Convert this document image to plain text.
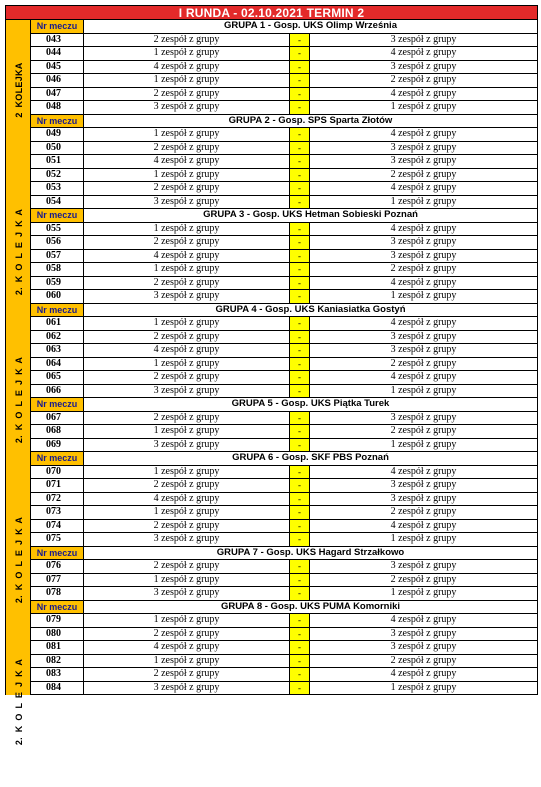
I RUNDA - 02.10.2021 TERMIN 2
2 KOLEJKA
2. K O L E J K A
2. K O L E J K A
2. K O L E J K A
2. K O L E J K A
Nr meczu	GRUPA 1 - Gosp. UKS Olimp Września
043	2 zespół z grupy	-	3 zespół z grupy
044	1 zespół z grupy	-	4 zespół z grupy
045	4 zespół z grupy	-	3 zespół z grupy
046	1 zespół z grupy	-	2 zespół z grupy
047	2 zespół z grupy	-	4 zespół z grupy
048	3 zespół z grupy	-	1 zespół z grupy
Nr meczu	GRUPA 2 - Gosp. SPS Sparta Złotów
049	1 zespół z grupy	-	4 zespół z grupy
050	2 zespół z grupy	-	3 zespół z grupy
051	4 zespół z grupy	-	3 zespół z grupy
052	1 zespół z grupy	-	2 zespół z grupy
053	2 zespół z grupy	-	4 zespół z grupy
054	3 zespół z grupy	-	1 zespół z grupy
Nr meczu	GRUPA 3 - Gosp. UKS Hetman Sobieski Poznań
055	1 zespół z grupy	-	4 zespół z grupy
056	2 zespół z grupy	-	3 zespół z grupy
057	4 zespół z grupy	-	3 zespół z grupy
058	1 zespół z grupy	-	2 zespół z grupy
059	2 zespół z grupy	-	4 zespół z grupy
060	3 zespół z grupy	-	1 zespół z grupy
Nr meczu	GRUPA 4 - Gosp. UKS Kaniasiatka Gostyń
061	1 zespół z grupy	-	4 zespół z grupy
062	2 zespół z grupy	-	3 zespół z grupy
063	4 zespół z grupy	-	3 zespół z grupy
064	1 zespół z grupy	-	2 zespół z grupy
065	2 zespół z grupy	-	4 zespół z grupy
066	3 zespół z grupy	-	1 zespół z grupy
Nr meczu	GRUPA 5 - Gosp. UKS Piątka Turek
067	2 zespół z grupy	-	3 zespół z grupy
068	1 zespół z grupy	-	2 zespół z grupy
069	3 zespół z grupy	-	1 zespół z grupy
Nr meczu	GRUPA 6 - Gosp. SKF PBS Poznań
070	1 zespół z grupy	-	4 zespół z grupy
071	2 zespół z grupy	-	3 zespół z grupy
072	4 zespół z grupy	-	3 zespół z grupy
073	1 zespół z grupy	-	2 zespół z grupy
074	2 zespół z grupy	-	4 zespół z grupy
075	3 zespół z grupy	-	1 zespół z grupy
Nr meczu	GRUPA 7 - Gosp. UKS Hagard Strzałkowo
076	2 zespół z grupy	-	3 zespół z grupy
077	1 zespół z grupy	-	2 zespół z grupy
078	3 zespół z grupy	-	1 zespół z grupy
Nr meczu	GRUPA 8 - Gosp. UKS PUMA Komorniki
079	1 zespół z grupy	-	4 zespół z grupy
080	2 zespół z grupy	-	3 zespół z grupy
081	4 zespół z grupy	-	3 zespół z grupy
082	1 zespół z grupy	-	2 zespół z grupy
083	2 zespół z grupy	-	4 zespół z grupy
084	3 zespół z grupy	-	1 zespół z grupy
